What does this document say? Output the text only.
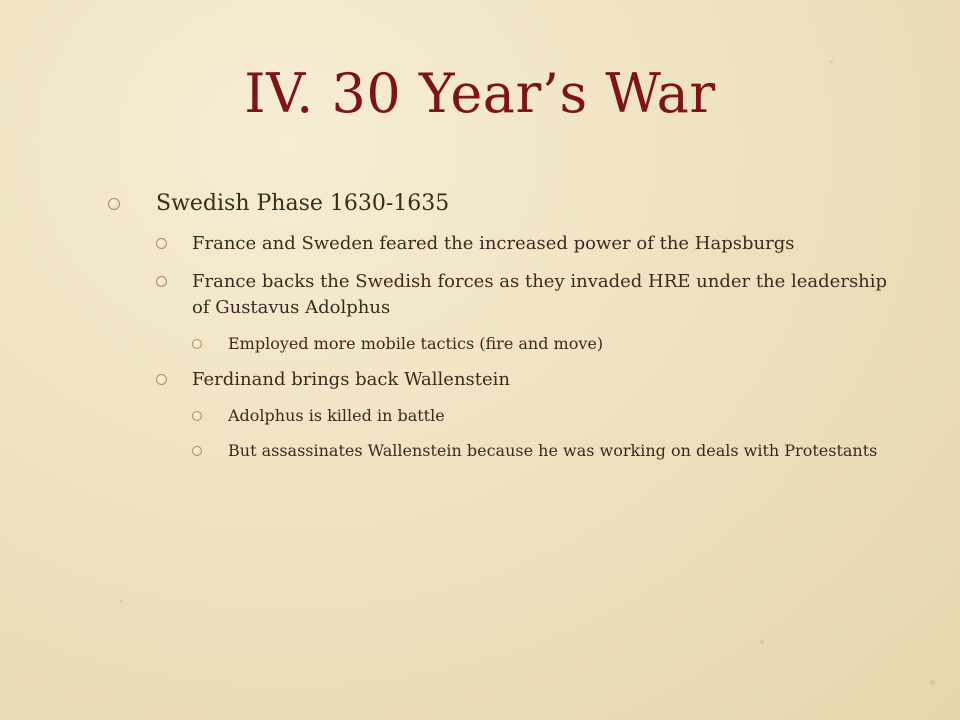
IV. 30 Year’s War
Swedish Phase 1630-1635
France and Sweden feared the increased power of the Hapsburgs
France backs the Swedish forces as they invaded HRE under the leadership of Gustavus Adolphus
Employed more mobile tactics (fire and move)
Ferdinand brings back Wallenstein
Adolphus is killed in battle
But assassinates Wallenstein because he was working on deals with Protestants
